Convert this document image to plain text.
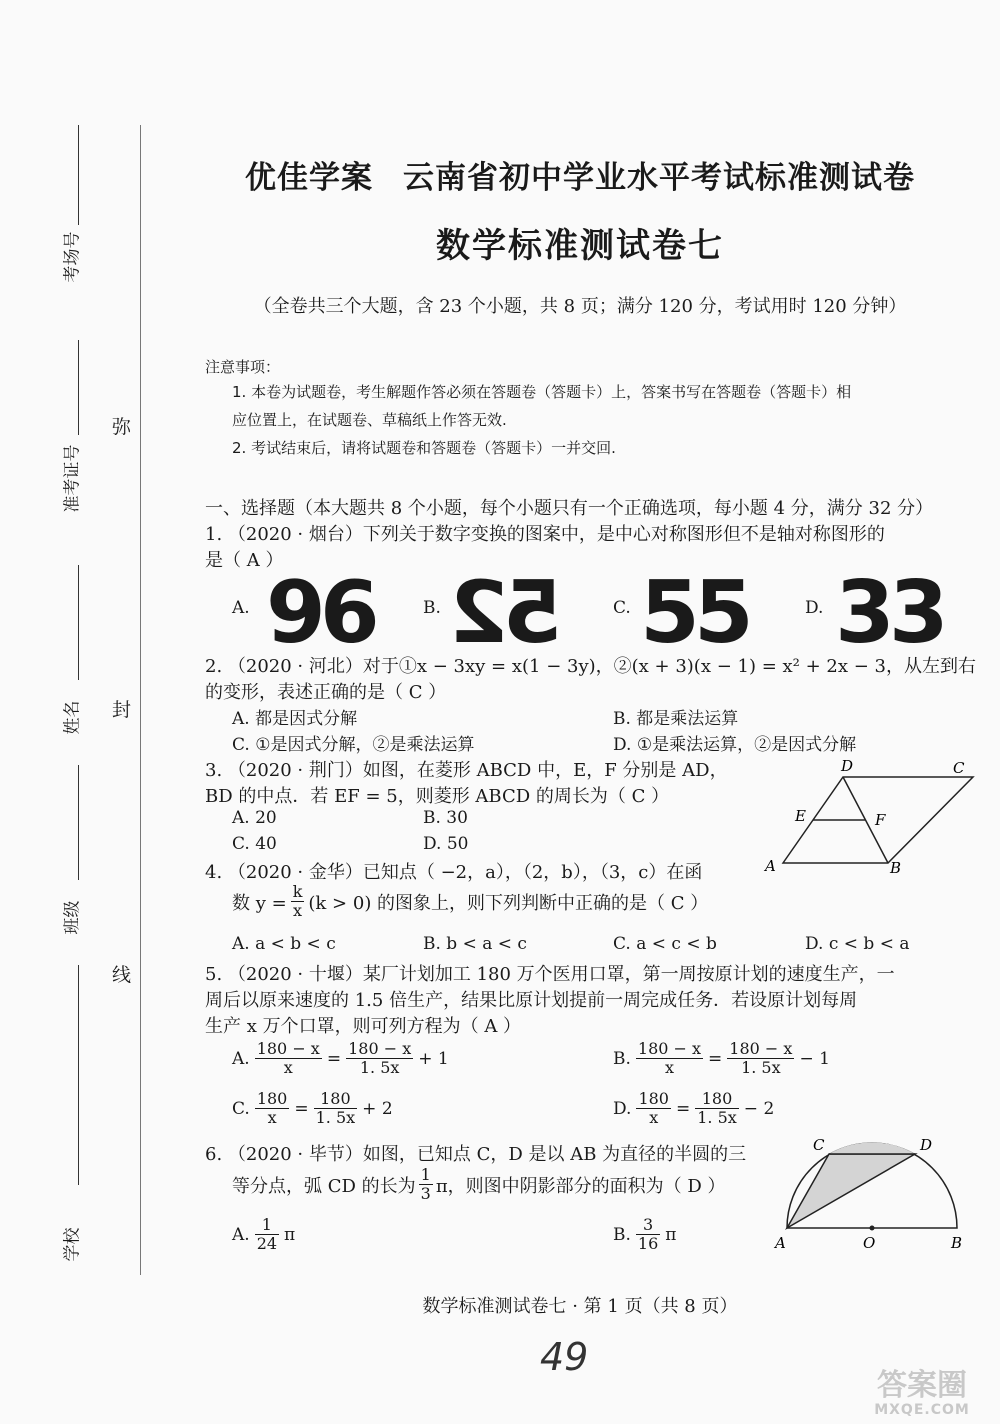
考场号
准考证号
姓名
班级
学校
弥
封
线
优佳学案 云南省初中学业水平考试标准测试卷
数学标准测试卷七
（全卷共三个大题，含 23 个小题，共 8 页；满分 120 分，考试用时 120 分钟）
注意事项：
1. 本卷为试题卷，考生解题作答必须在答题卷（答题卡）上，答案书写在答题卷（答题卡）相
应位置上，在试题卷、草稿纸上作答无效.
2. 考试结束后，请将试题卷和答题卷（答题卡）一并交回.
一、选择题（本大题共 8 个小题，每个小题只有一个正确选项，每小题 4 分，满分 32 分）
1. （2020 · 烟台）下列关于数字变换的图案中，是中心对称图形但不是轴对称图形的
是（ A ）
A. 96	B. 52	C. 55	D. 33
2. （2020 · 河北）对于①x − 3xy = x(1 − 3y)，②(x + 3)(x − 1) = x² + 2x − 3，从左到右
的变形，表述正确的是（ C ）
A. 都是因式分解	B. 都是乘法运算
C. ①是因式分解，②是乘法运算	D. ①是乘法运算，②是因式分解
3. （2020 · 荆门）如图，在菱形 ABCD 中，E，F 分别是 AD，
BD 的中点．若 EF = 5，则菱形 ABCD 的周长为（ C ）
A. 20	B. 30
C. 40	D. 50
A	B
C
D
E	F
4. （2020 · 金华）已知点（ −2，a），（2，b），（3，c）在函
数 $y = \frac{k}{x} (k > 0)$ 的图象上，则下列判断中正确的是（ C ）
A. a < b < c	B. b < a < c	C. a < c < b	D. c < b < a
5. （2020 · 十堰）某厂计划加工 180 万个医用口罩，第一周按原计划的速度生产，一
周后以原来速度的 1.5 倍生产，结果比原计划提前一周完成任务．若设原计划每周
生产 x 万个口罩，则可列方程为（ A ）
A. $\frac{180 - x}{x} = \frac{180 - x}{1. 5x} + 1$	B. $\frac{180 - x}{x} = \frac{180 - x}{1. 5x} - 1$
C. $\frac{180}{x} = \frac{180}{1. 5x} + 2$	D. $\frac{180}{x} = \frac{180}{1. 5x} - 2$
6. （2020 · 毕节）如图，已知点 C，D 是以 AB 为直径的半圆的三
等分点，弧 CD 的长为 $\frac{1}{3}$ π，则图中阴影部分的面积为（ D ）
A. $\frac{1}{24}$ π	B. $\frac{3}{16}$ π	A	O	B
C	D
数学标准测试卷七 · 第 1 页（共 8 页）
49
答案圈
MXQE.COM
